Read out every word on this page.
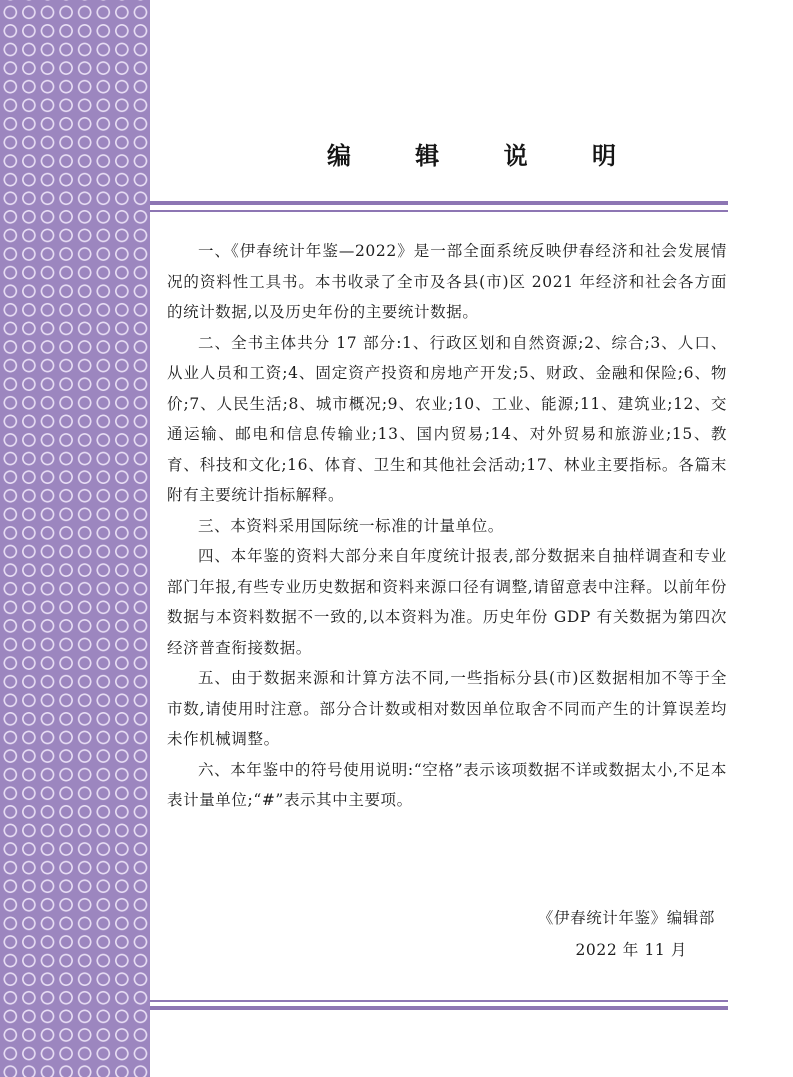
编 辑 说 明

一、《伊春统计年鉴—2022》是一部全面系统反映伊春经济和社会发展情况的资料性工具书。本书收录了全市及各县(市)区 2021 年经济和社会各方面的统计数据,以及历史年份的主要统计数据。

二、全书主体共分 17 部分:1、行政区划和自然资源;2、综合;3、人口、从业人员和工资;4、固定资产投资和房地产开发;5、财政、金融和保险;6、物价;7、人民生活;8、城市概况;9、农业;10、工业、能源;11、建筑业;12、交通运输、邮电和信息传输业;13、国内贸易;14、对外贸易和旅游业;15、教育、科技和文化;16、体育、卫生和其他社会活动;17、林业主要指标。各篇末附有主要统计指标解释。

三、本资料采用国际统一标准的计量单位。

四、本年鉴的资料大部分来自年度统计报表,部分数据来自抽样调查和专业部门年报,有些专业历史数据和资料来源口径有调整,请留意表中注释。以前年份数据与本资料数据不一致的,以本资料为准。历史年份 GDP 有关数据为第四次经济普查衔接数据。

五、由于数据来源和计算方法不同,一些指标分县(市)区数据相加不等于全市数,请使用时注意。部分合计数或相对数因单位取舍不同而产生的计算误差均未作机械调整。

六、本年鉴中的符号使用说明:“空格”表示该项数据不详或数据太小,不足本表计量单位;“#”表示其中主要项。

《伊春统计年鉴》编辑部
2022 年 11 月
